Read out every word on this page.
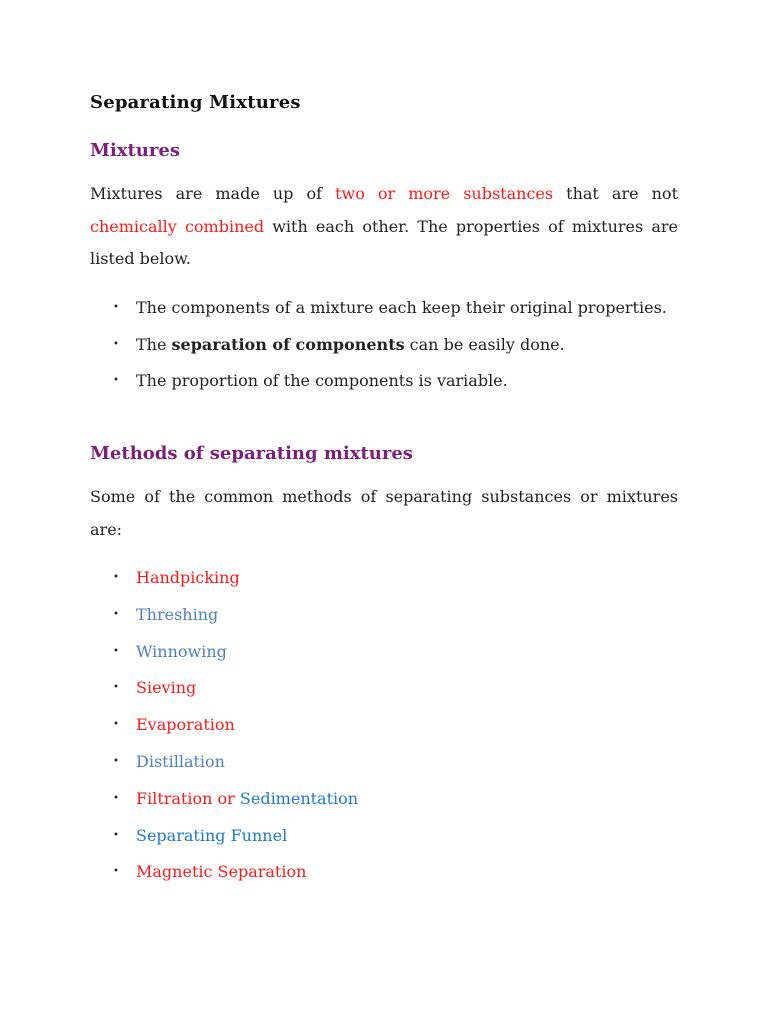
Separating Mixtures
Mixtures

Mixtures are made up of two or more substances that are not chemically combined with each other. The properties of mixtures are listed below.

• The components of a mixture each keep their original properties.
• The separation of components can be easily done.
• The proportion of the components is variable.
Methods of separating mixtures

Some of the common methods of separating substances or mixtures are:

• Handpicking
• Threshing
• Winnowing
• Sieving
• Evaporation
• Distillation
• Filtration or Sedimentation
• Separating Funnel
• Magnetic Separation
